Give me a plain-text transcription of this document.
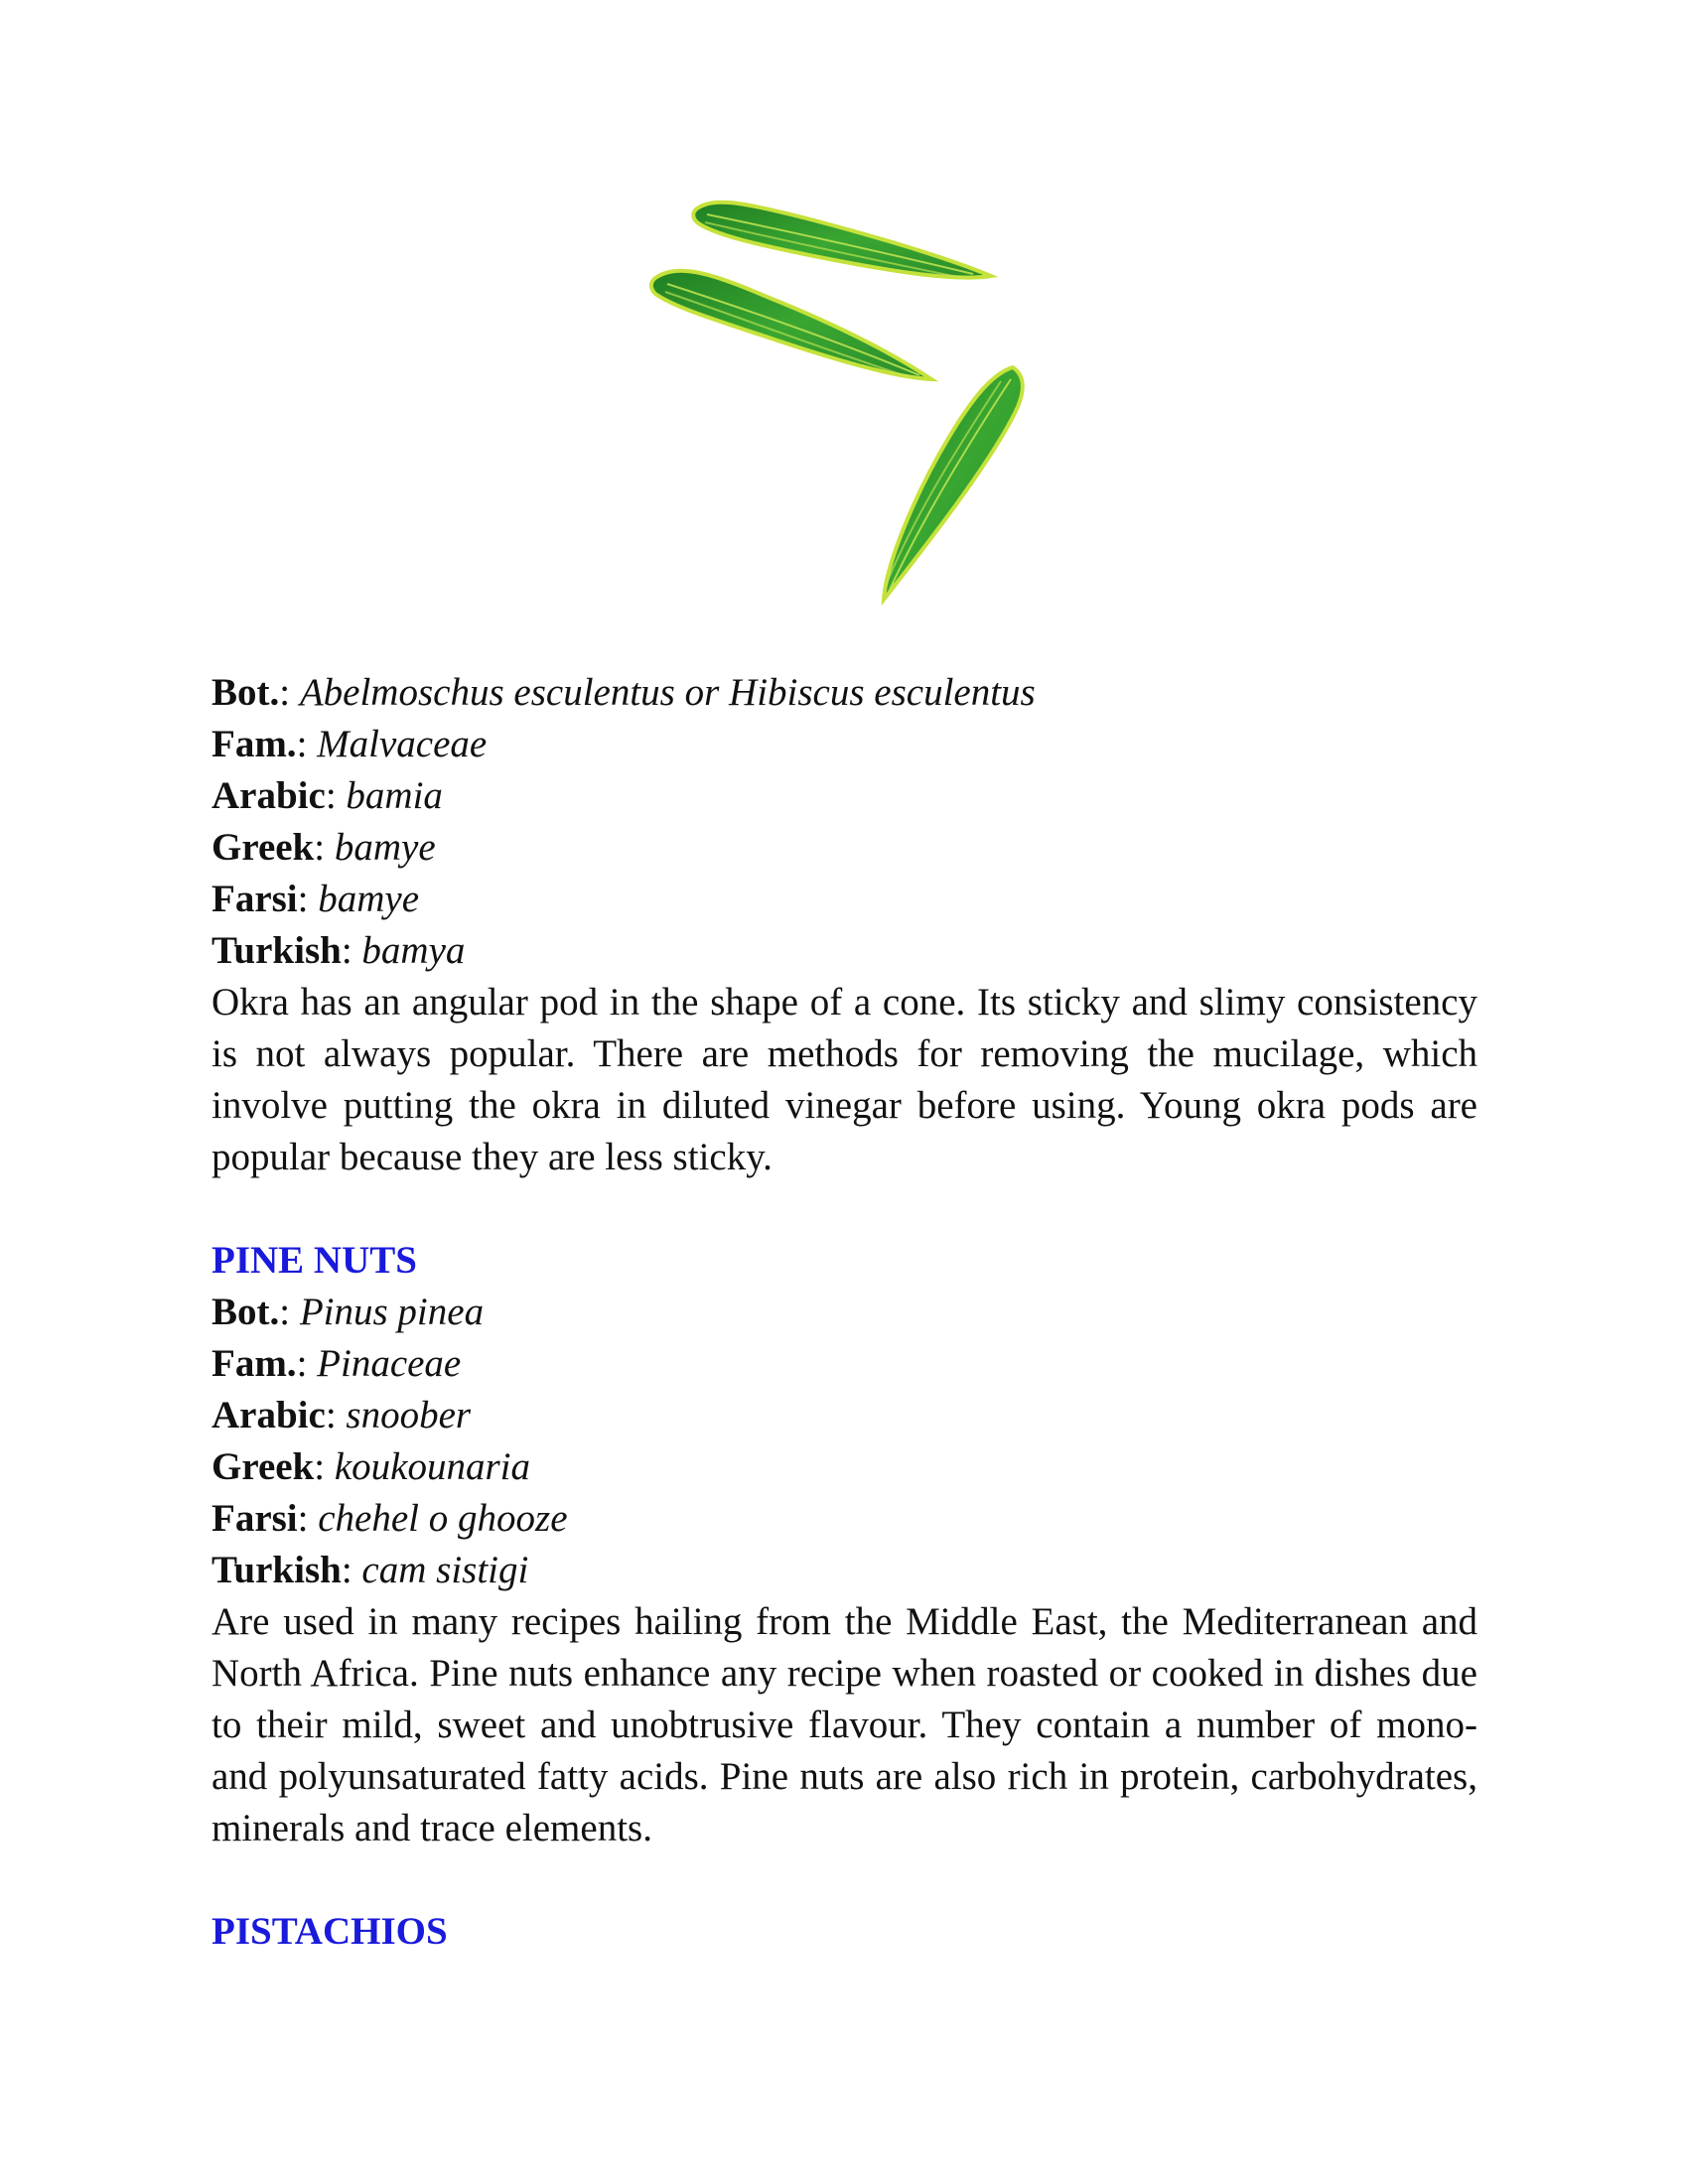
Bot.: Abelmoschus esculentus or Hibiscus esculentus

Fam.: Malvaceae

Arabic: bamia

Greek: bamye

Farsi: bamye

Turkish: bamya

Okra has an angular pod in the shape of a cone. Its sticky and slimy consistency is not always popular. There are methods for removing the mucilage, which involve putting the okra in diluted vinegar before using. Young okra pods are popular because they are less sticky.

PINE NUTS

Bot.: Pinus pinea

Fam.: Pinaceae

Arabic: snoober

Greek: koukounaria

Farsi: chehel o ghooze

Turkish: cam sistigi

Are used in many recipes hailing from the Middle East, the Mediterranean and North Africa. Pine nuts enhance any recipe when roasted or cooked in dishes due to their mild, sweet and unobtrusive flavour. They contain a number of mono- and polyunsaturated fatty acids. Pine nuts are also rich in protein, carbohydrates, minerals and trace elements.

PISTACHIOS
